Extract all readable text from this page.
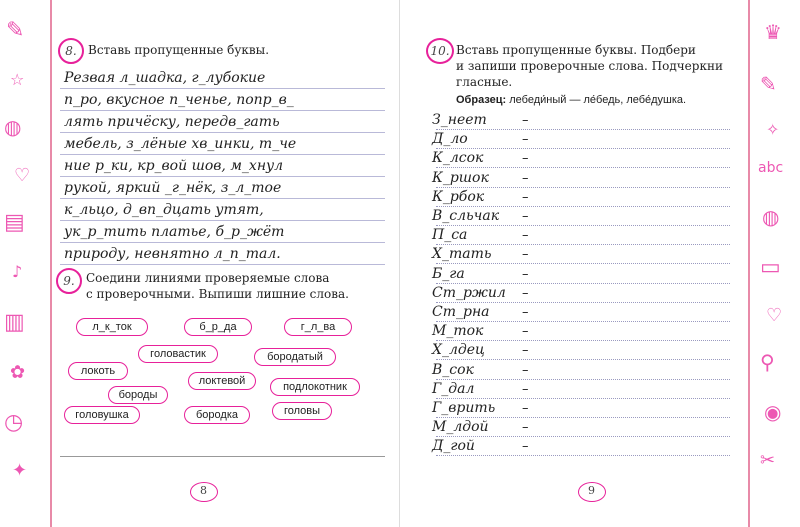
✎
☆
◍
♡
▤
♪
▥
✿
◷
✦
8. Вставь пропущенные буквы.
Резвая л_шадка, г_лубокие
п_ро, вкусное п_ченье, попр_в_
лять причёску, передв_гать
мебель, з_лёные хв_инки, т_че
ние р_ки, кр_вой шов, м_хнул
рукой, яркий _г_нёк, з_л_тое
к_льцо, д_вп_дцать утят,
ук_р_тить платье, б_р_жёт
природу, невнятно л_п_тал.
9. Соедини линиями проверяемые слова
с проверочными. Выпиши лишние слова.
л_к_ток	б_р_да	г_л_ва
головастик	бородатый
локоть
локтевой	подлокотник
бороды
головушка	бородка	головы
8
♛
✎
✧
abc
◍
▭
♡
⚲
◉
✂
10. Вставь пропущенные буквы. Подбери
и запиши проверочные слова. Подчеркни
гласные.
Образец: лебеди́ный — ле́бедь, лебе́душка.
З_неет	–
Д_ло	–
К_лсок	–
К_ршок	–
К_рбок	–
В_сльчак –
П_са	–
Х_тать –
Б_га	–
Ст_ржил –
Ст_рна –
М_ток	–
Х_лдец	–
В_сок	–
Г_дал	–
Г_врить –
М_лдой	–
Д_гой	–
9
